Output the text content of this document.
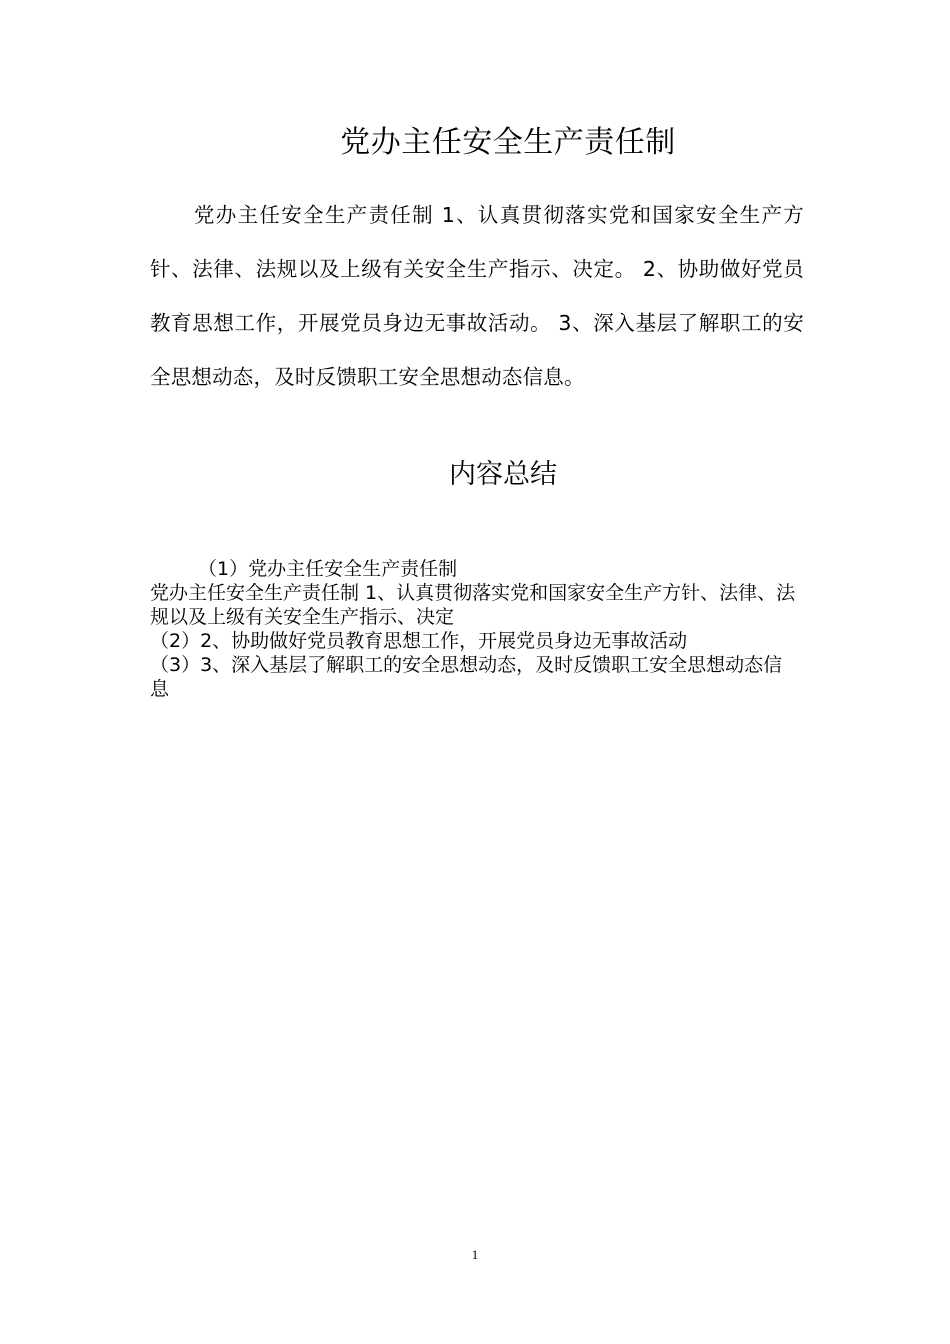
党办主任安全生产责任制
党办主任安全生产责任制 1、认真贯彻落实党和国家安全生产方针、法律、法规以及上级有关安全生产指示、决定。 2、协助做好党员教育思想工作，开展党员身边无事故活动。 3、深入基层了解职工的安全思想动态，及时反馈职工安全思想动态信息。
内容总结
（1）党办主任安全生产责任制
党办主任安全生产责任制 1、认真贯彻落实党和国家安全生产方针、法律、法规以及上级有关安全生产指示、决定
（2）2、协助做好党员教育思想工作，开展党员身边无事故活动
（3）3、深入基层了解职工的安全思想动态，及时反馈职工安全思想动态信息
1
